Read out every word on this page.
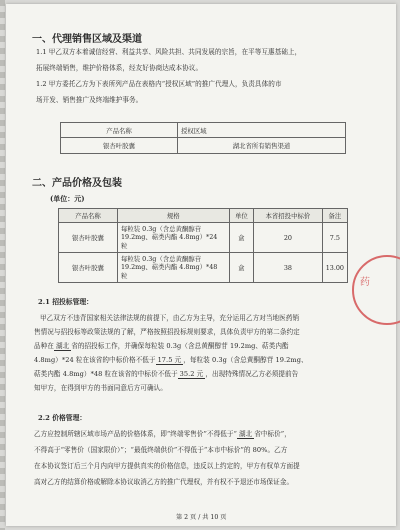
一、代理销售区域及渠道
1.1 甲乙双方本着诚信经营、利益共享、风险共担、共同发展的宗旨，在平等互惠基础上，
拓展终端销售，维护价格体系，经友好协商达成本协议。
1.2 甲方委托乙方为下表所列产品在表格内“授权区域”的推广代理人，负责具体的市
场开发、销售推广及终端维护事务。
产品名称	授权区域
银杏叶胶囊	湖北省所有销售渠道
二、产品价格及包装
(单位：元)
产品名称	规格	单位	本省招投中标价	备注
银杏叶胶囊	每粒装 0.3g（含总黄酮醇苷
19.2mg、萜类内酯 4.8mg）*24 粒	盒	20	7.5
银杏叶胶囊	每粒装 0.3g（含总黄酮醇苷
19.2mg、萜类内酯 4.8mg）*48 粒	盒	38	13.00
2.1 招投标管理：
甲乙双方不违背国家相关法律法规的前提下，由乙方为主导，充分运用乙方对当地医药销
售情况与招投标等政策法规的了解，严格按照招投标规则要求，具体负责甲方的第二条约定
品种在 湖北 省的招投标工作，并确保每粒装 0.3g（含总黄酮醇苷 19.2mg、萜类内酯
4.8mg）*24 粒在该省的中标价格不低于 17.5 元 ，每粒装 0.3g（含总黄酮醇苷 19.2mg、
萜类内酯 4.8mg）*48 粒在该省的中标价不低于 35.2 元 ，出现特殊情况乙方必须提前告
知甲方，在得到甲方的书面同意后方可确认。
2.2 价格管理：
乙方应控制所辖区域市场产品的价格体系，即“终端零售价”不得低于“ 湖北 省中标价”，
不得高于“零售价（国家限价）”；“最低终端供价”不得低于“本市中标价”的 80%。乙方
在本协议签订后三个月内向甲方提供真实的价格信息，违反以上约定的，甲方有权单方面提
高对乙方的结算价格或解除本协议取消乙方的推广代理权，并有权不予退还市场保证金。
第 2 页 / 共 10 页
药
